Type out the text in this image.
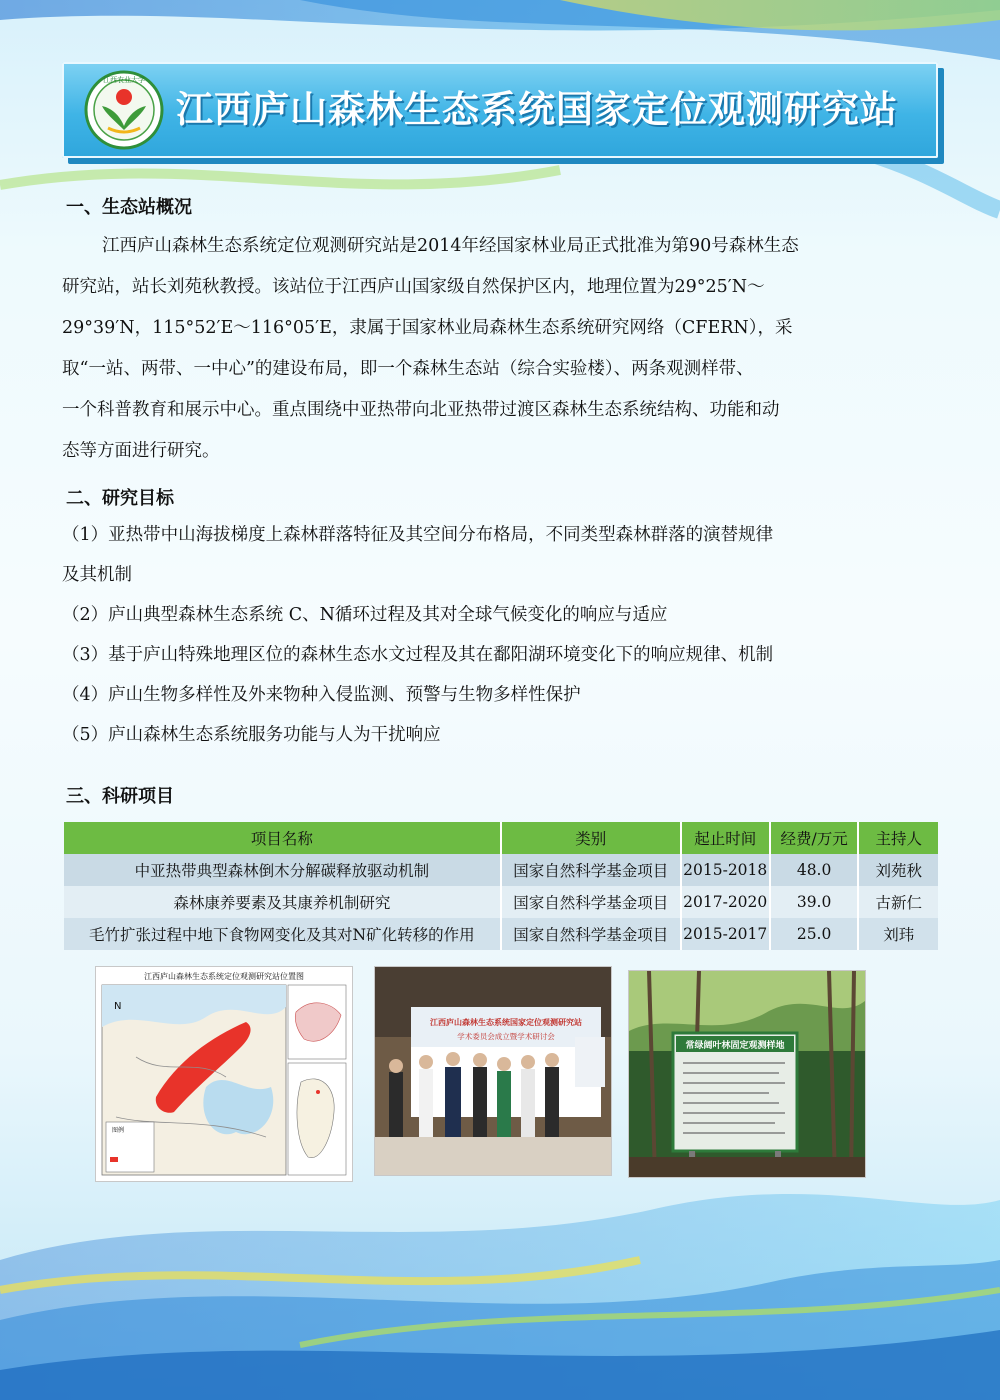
江西农业大学
江西庐山森林生态系统国家定位观测研究站
一、生态站概况
江西庐山森林生态系统定位观测研究站是2014年经国家林业局正式批准为第90号森林生态
研究站，站长刘苑秋教授。该站位于江西庐山国家级自然保护区内，地理位置为29°25′N～
29°39′N，115°52′E～116°05′E，隶属于国家林业局森林生态系统研究网络（CFERN），采
取“一站、两带、一中心”的建设布局，即一个森林生态站（综合实验楼）、两条观测样带、
一个科普教育和展示中心。重点围绕中亚热带向北亚热带过渡区森林生态系统结构、功能和动
态等方面进行研究。
二、研究目标
（1）亚热带中山海拔梯度上森林群落特征及其空间分布格局，不同类型森林群落的演替规律
及其机制
（2）庐山典型森林生态系统 C、N循环过程及其对全球气候变化的响应与适应
（3）基于庐山特殊地理区位的森林生态水文过程及其在鄱阳湖环境变化下的响应规律、机制
（4）庐山生物多样性及外来物种入侵监测、预警与生物多样性保护
（5）庐山森林生态系统服务功能与人为干扰响应
三、科研项目
项目名称	类别	起止时间	经费/万元	主持人
中亚热带典型森林倒木分解碳释放驱动机制	国家自然科学基金项目	2015-2018	48.0	刘苑秋
森林康养要素及其康养机制研究	国家自然科学基金项目	2017-2020	39.0	古新仁
毛竹扩张过程中地下食物网变化及其对N矿化转移的作用	国家自然科学基金项目	2015-2017	25.0	刘玮
江西庐山森林生态系统定位观测研究站位置图
N
图例
江西庐山森林生态系统国家定位观测研究站
学术委员会成立暨学术研讨会
常绿阔叶林固定观测样地
